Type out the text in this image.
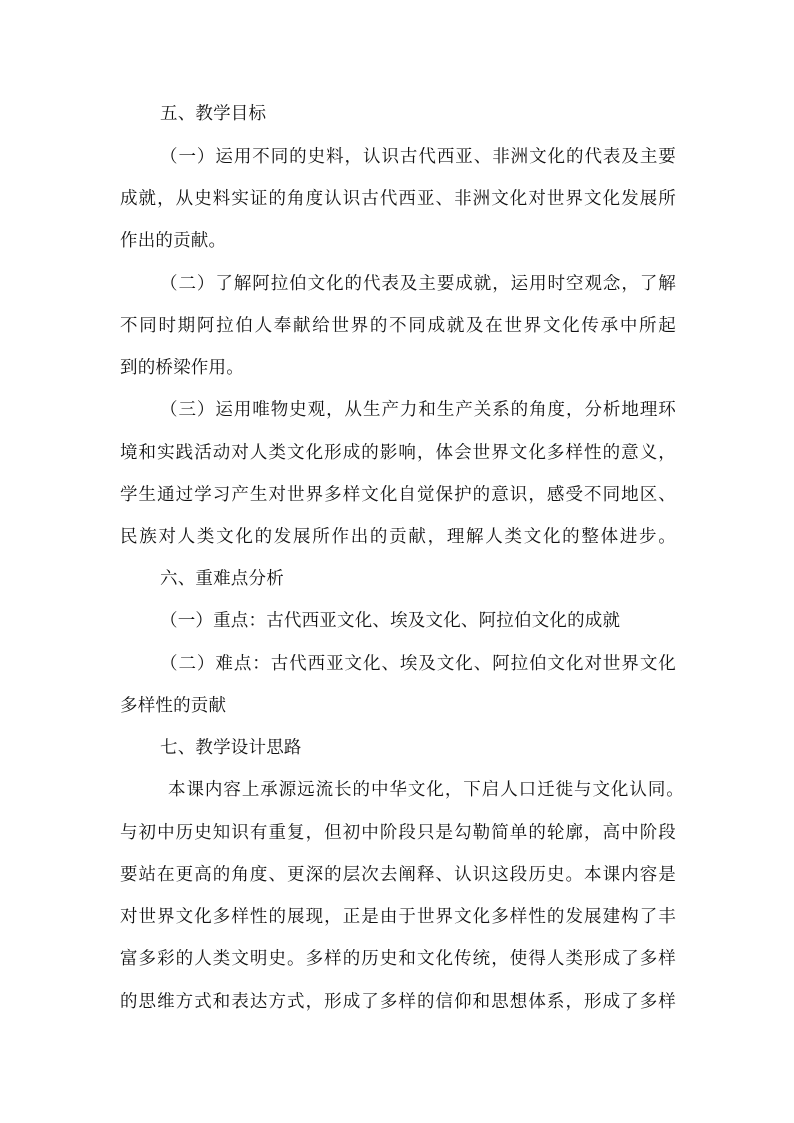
五、教学目标
（一）运用不同的史料，认识古代西亚、非洲文化的代表及主要
成就，从史料实证的角度认识古代西亚、非洲文化对世界文化发展所
作出的贡献。
（二）了解阿拉伯文化的代表及主要成就，运用时空观念，了解
不同时期阿拉伯人奉献给世界的不同成就及在世界文化传承中所起
到的桥梁作用。
（三）运用唯物史观，从生产力和生产关系的角度，分析地理环
境和实践活动对人类文化形成的影响，体会世界文化多样性的意义，
学生通过学习产生对世界多样文化自觉保护的意识，感受不同地区、
民族对人类文化的发展所作出的贡献，理解人类文化的整体进步。
六、重难点分析
（一）重点：古代西亚文化、埃及文化、阿拉伯文化的成就
（二）难点：古代西亚文化、埃及文化、阿拉伯文化对世界文化
多样性的贡献
七、教学设计思路
本课内容上承源远流长的中华文化，下启人口迁徙与文化认同。
与初中历史知识有重复，但初中阶段只是勾勒简单的轮廓，高中阶段
要站在更高的角度、更深的层次去阐释、认识这段历史。本课内容是
对世界文化多样性的展现，正是由于世界文化多样性的发展建构了丰
富多彩的人类文明史。多样的历史和文化传统，使得人类形成了多样
的思维方式和表达方式，形成了多样的信仰和思想体系，形成了多样
